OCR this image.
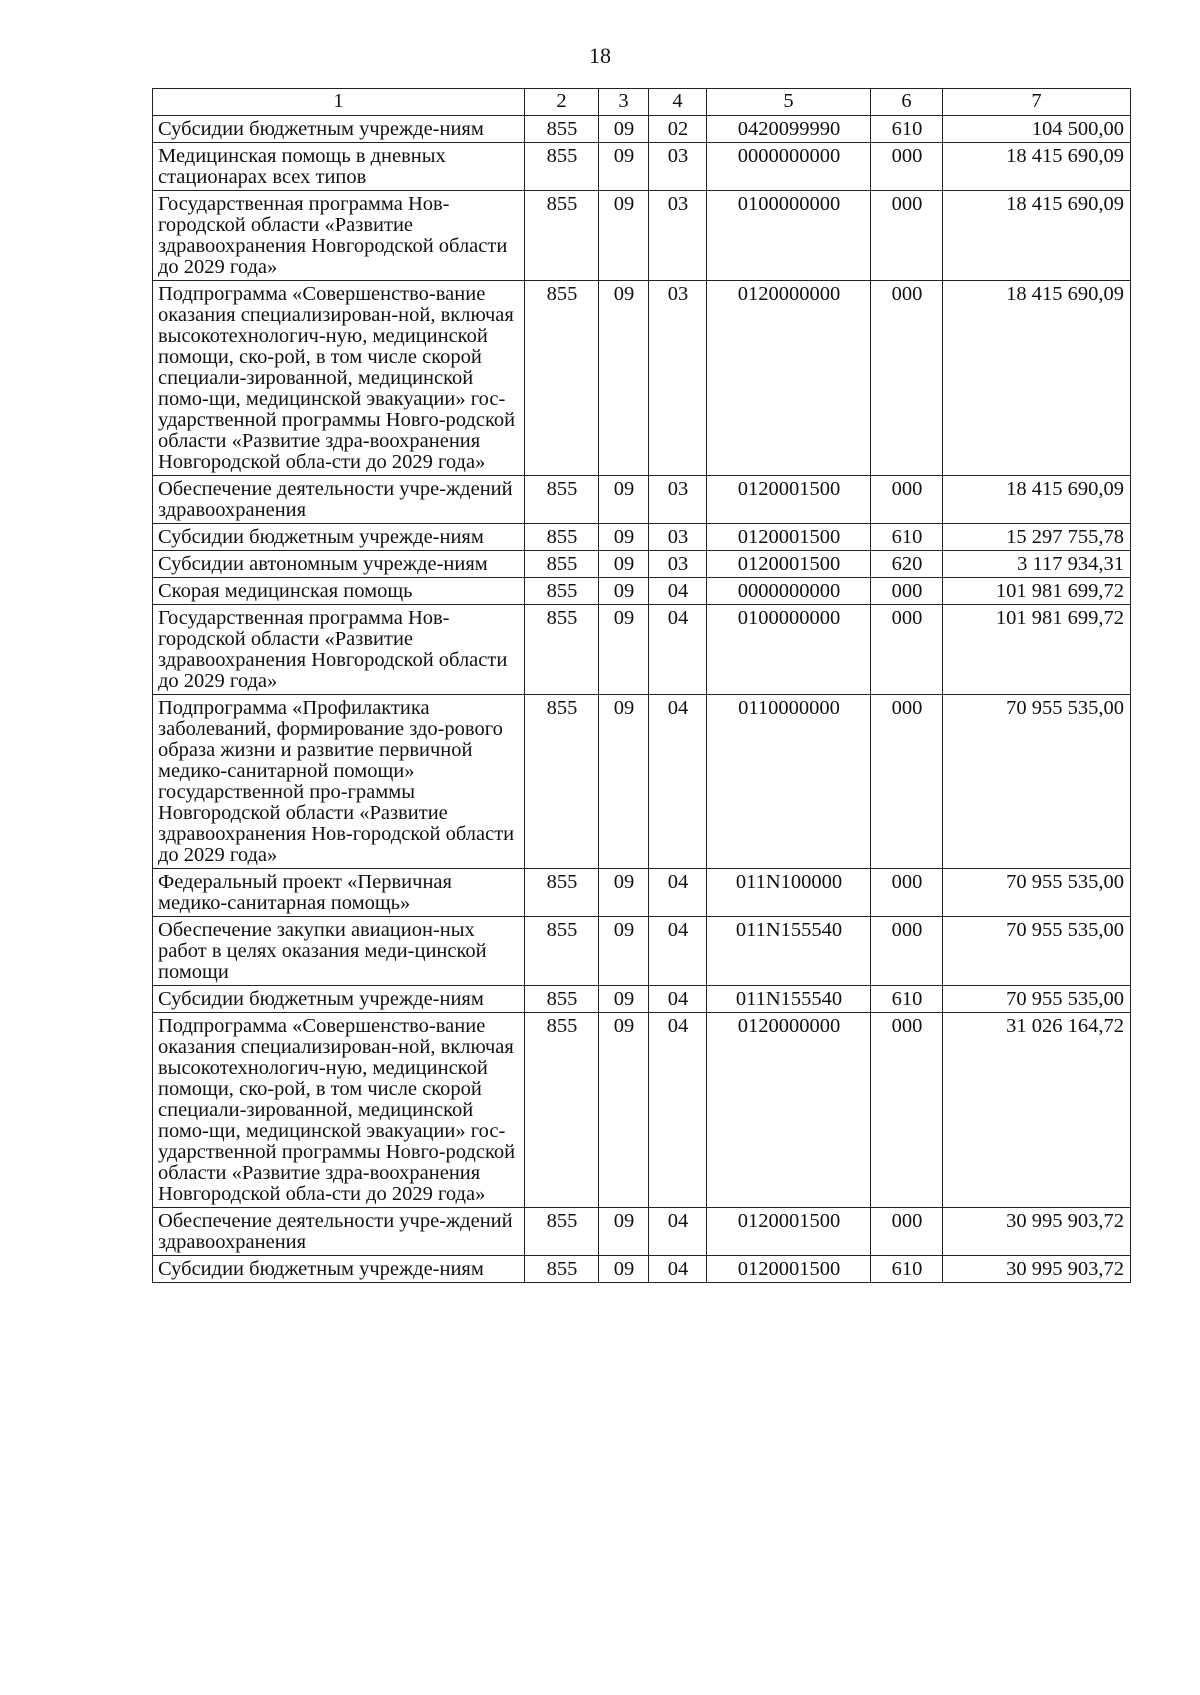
18
1	2	3	4	5	6	7
Субсидии бюджетным учрежде-ниям	855	09	02	0420099990	610	104 500,00
Медицинская помощь в дневных стационарах всех типов	855	09	03	0000000000	000	18 415 690,09
Государственная программа Нов-городской области «Развитие здравоохранения Новгородской области до 2029 года»	855	09	03	0100000000	000	18 415 690,09
Подпрограмма «Совершенство-вание оказания специализирован-ной, включая высокотехнологич-ную, медицинской помощи, ско-рой, в том числе скорой специали-зированной, медицинской помо-щи, медицинской эвакуации» гос-ударственной программы Новго-родской области «Развитие здра-воохранения Новгородской обла-сти до 2029 года»	855	09	03	0120000000	000	18 415 690,09
Обеспечение деятельности учре-ждений здравоохранения	855	09	03	0120001500	000	18 415 690,09
Субсидии бюджетным учрежде-ниям	855	09	03	0120001500	610	15 297 755,78
Субсидии автономным учрежде-ниям	855	09	03	0120001500	620	3 117 934,31
Скорая медицинская помощь	855	09	04	0000000000	000	101 981 699,72
Государственная программа Нов-городской области «Развитие здравоохранения Новгородской области до 2029 года»	855	09	04	0100000000	000	101 981 699,72
Подпрограмма «Профилактика заболеваний, формирование здо-рового образа жизни и развитие первичной медико-санитарной помощи» государственной про-граммы Новгородской области «Развитие здравоохранения Нов-городской области до 2029 года»	855	09	04	0110000000	000	70 955 535,00
Федеральный проект «Первичная медико-санитарная помощь»	855	09	04	011N100000	000	70 955 535,00
Обеспечение закупки авиацион-ных работ в целях оказания меди-цинской помощи	855	09	04	011N155540	000	70 955 535,00
Субсидии бюджетным учрежде-ниям	855	09	04	011N155540	610	70 955 535,00
Подпрограмма «Совершенство-вание оказания специализирован-ной, включая высокотехнологич-ную, медицинской помощи, ско-рой, в том числе скорой специали-зированной, медицинской помо-щи, медицинской эвакуации» гос-ударственной программы Новго-родской области «Развитие здра-воохранения Новгородской обла-сти до 2029 года»	855	09	04	0120000000	000	31 026 164,72
Обеспечение деятельности учре-ждений здравоохранения	855	09	04	0120001500	000	30 995 903,72
Субсидии бюджетным учрежде-ниям	855	09	04	0120001500	610	30 995 903,72
